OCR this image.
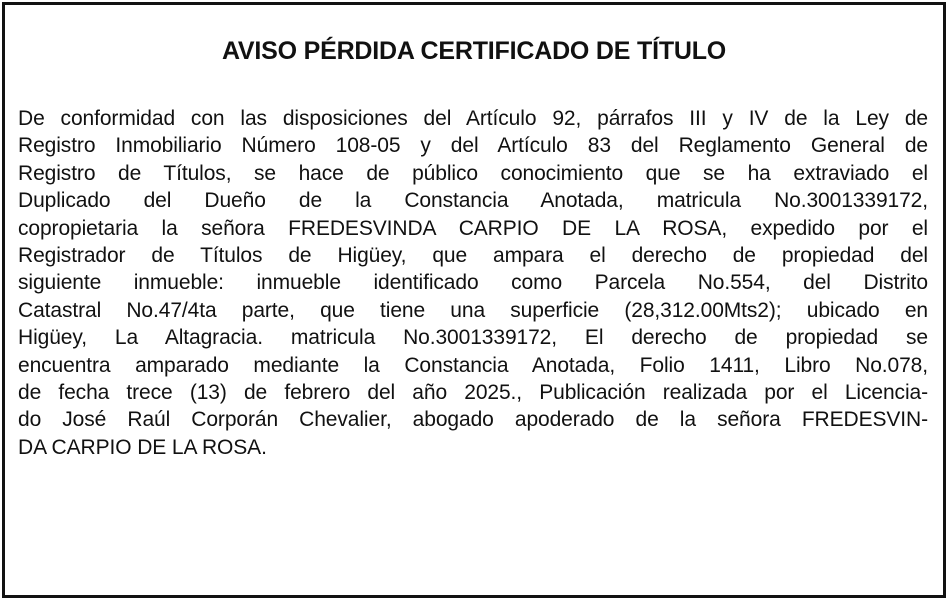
AVISO PÉRDIDA CERTIFICADO DE TÍTULO
De conformidad con las disposiciones del Artículo 92, párrafos III y IV de la Ley de
Registro Inmobiliario Número 108-05 y del Artículo 83 del Reglamento General de
Registro de Títulos, se hace de público conocimiento que se ha extraviado el
Duplicado del Dueño de la Constancia Anotada, matricula No.3001339172,
copropietaria la señora FREDESVINDA CARPIO DE LA ROSA, expedido por el
Registrador de Títulos de Higüey, que ampara el derecho de propiedad del
siguiente inmueble: inmueble identificado como Parcela No.554, del Distrito
Catastral No.47/4ta parte, que tiene una superficie (28,312.00Mts2); ubicado en
Higüey, La Altagracia. matricula No.3001339172, El derecho de propiedad se
encuentra amparado mediante la Constancia Anotada, Folio 1411, Libro No.078,
de fecha trece (13) de febrero del año 2025., Publicación realizada por el Licencia-
do José Raúl Corporán Chevalier, abogado apoderado de la señora FREDESVIN-
DA CARPIO DE LA ROSA.
